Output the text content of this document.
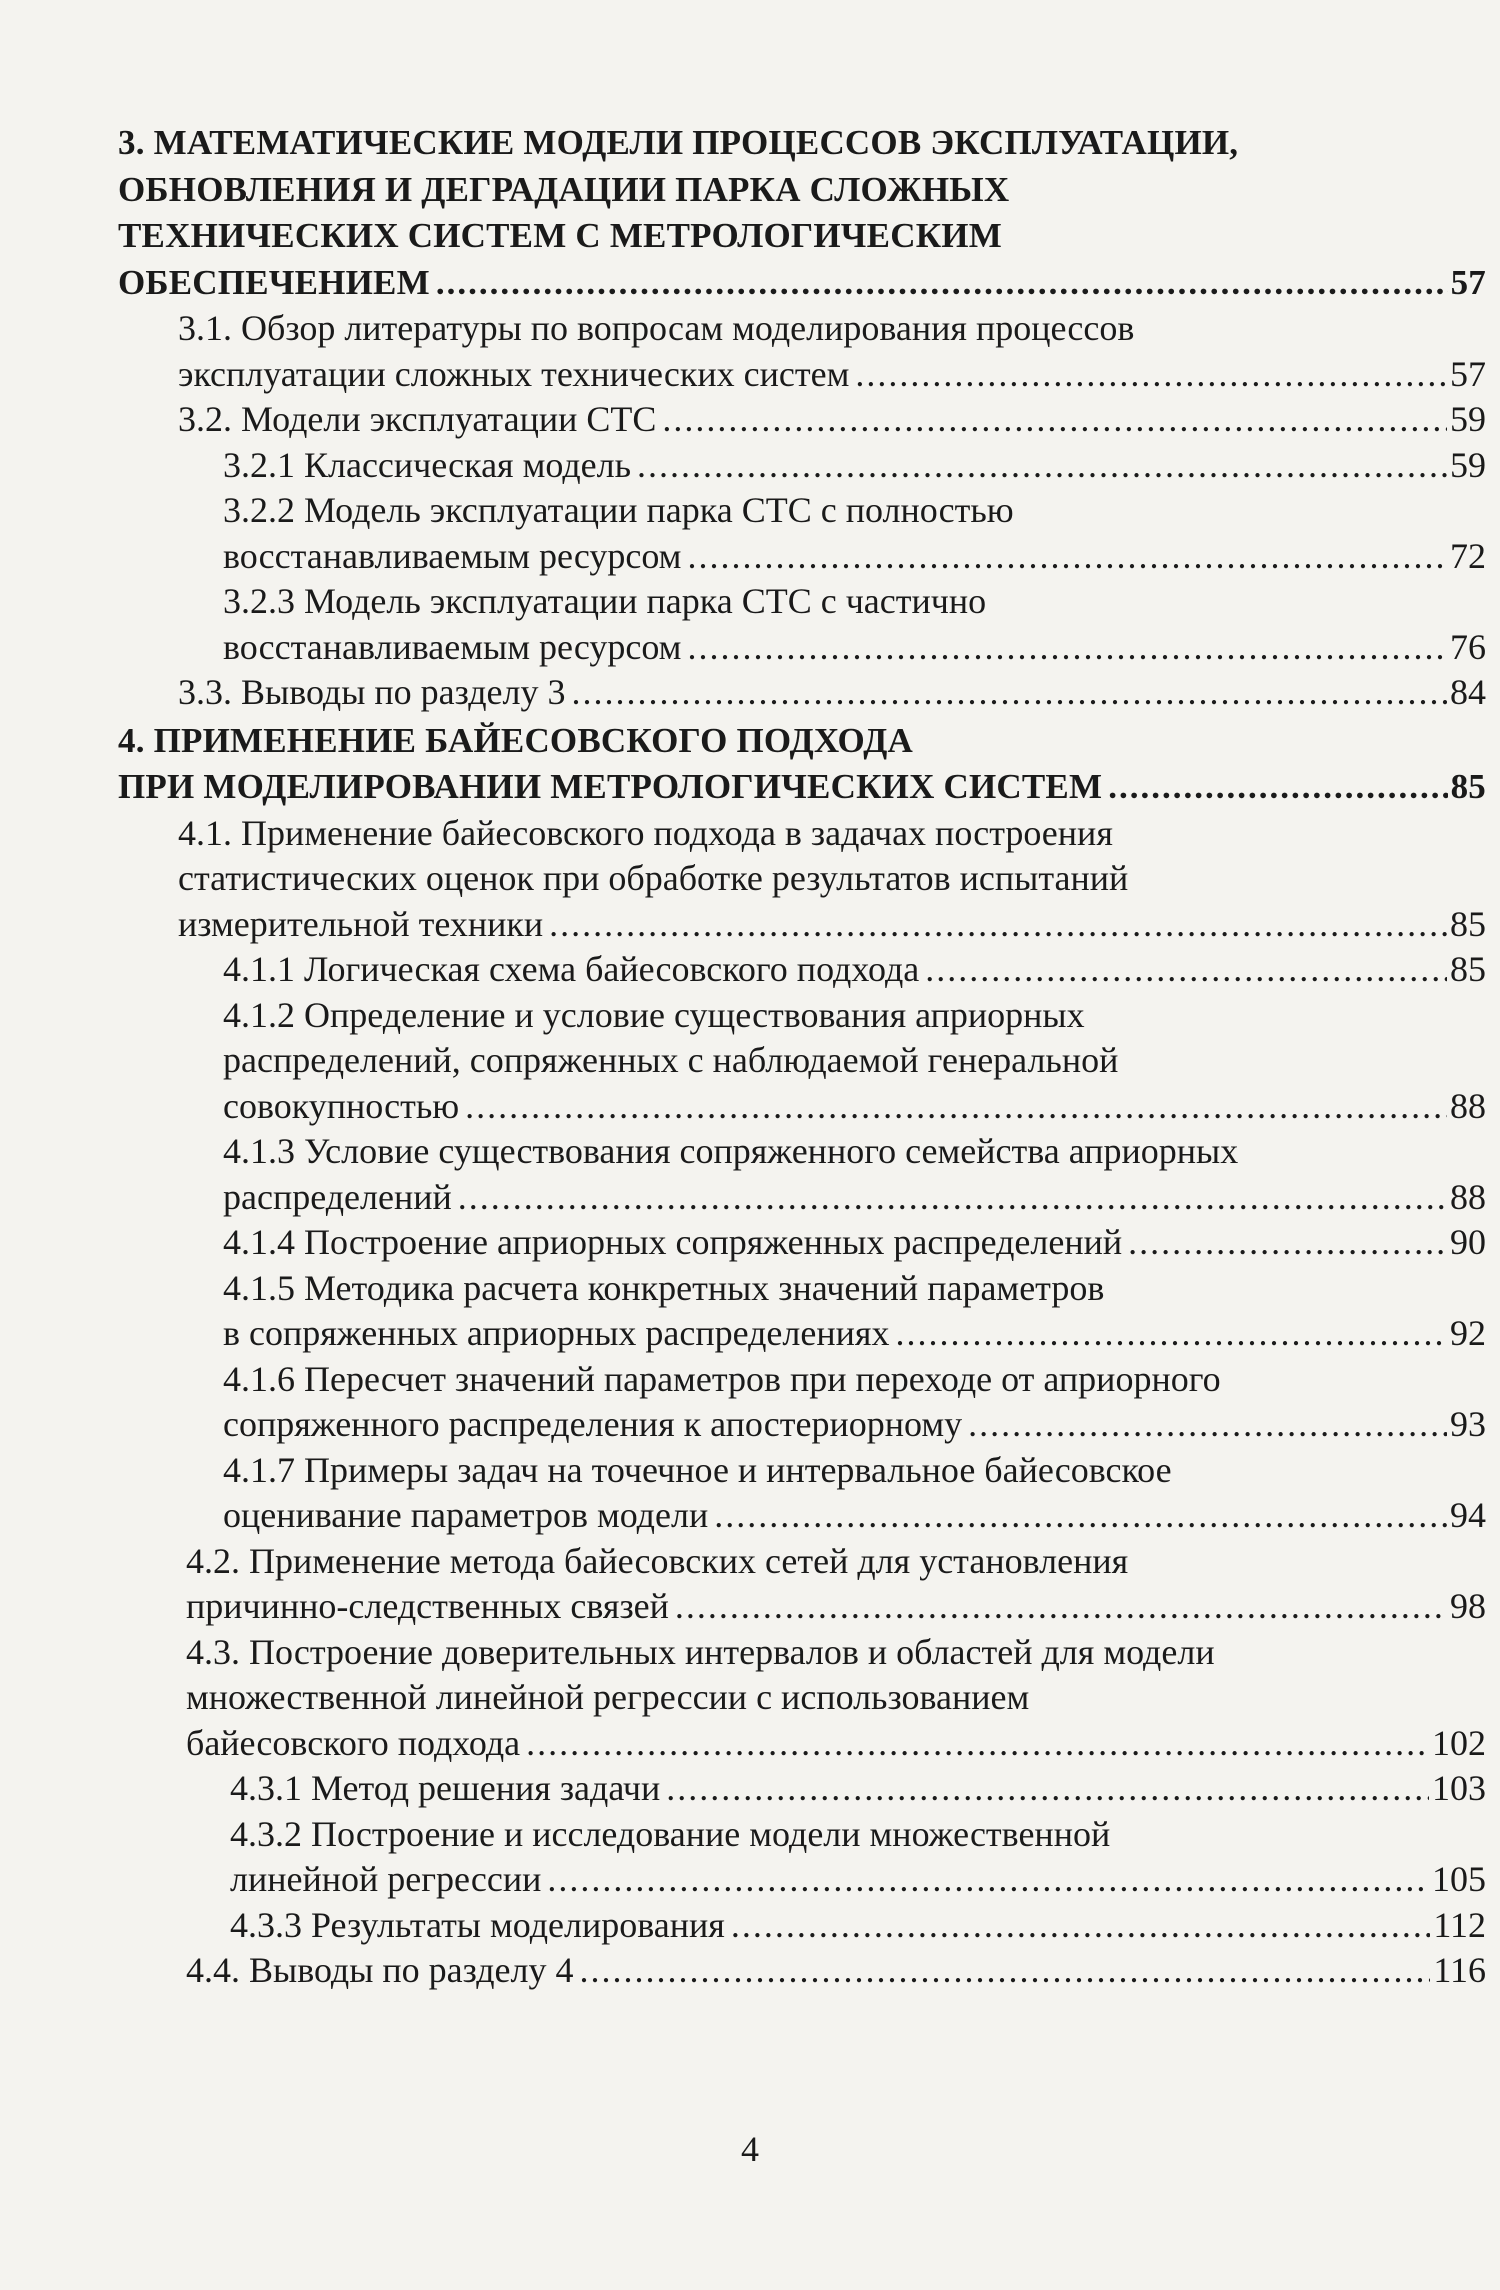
3. МАТЕМАТИЧЕСКИЕ МОДЕЛИ ПРОЦЕССОВ ЭКСПЛУАТАЦИИ,
ОБНОВЛЕНИЯ И ДЕГРАДАЦИИ ПАРКА СЛОЖНЫХ
ТЕХНИЧЕСКИХ СИСТЕМ С МЕТРОЛОГИЧЕСКИМ
ОБЕСПЕЧЕНИЕМ .....	57
3.1. Обзор литературы по вопросам моделирования процессов
эксплуатации сложных технических систем .....	57
3.2. Модели эксплуатации СТС .....	59
3.2.1 Классическая модель .....	59
3.2.2 Модель эксплуатации парка СТС с полностью
восстанавливаемым ресурсом .....	72
3.2.3 Модель эксплуатации парка СТС с частично
восстанавливаемым ресурсом .....	76
3.3. Выводы по разделу 3 .....	84
4. ПРИМЕНЕНИЕ БАЙЕСОВСКОГО ПОДХОДА
ПРИ МОДЕЛИРОВАНИИ МЕТРОЛОГИЧЕСКИХ СИСТЕМ .....	85
4.1. Применение байесовского подхода в задачах построения
статистических оценок при обработке результатов испытаний
измерительной техники .....	85
4.1.1 Логическая схема байесовского подхода .....	85
4.1.2 Определение и условие существования априорных
распределений, сопряженных с наблюдаемой генеральной
совокупностью .....	88
4.1.3 Условие существования сопряженного семейства априорных
распределений .....	88
4.1.4 Построение априорных сопряженных распределений .....	90
4.1.5 Методика расчета конкретных значений параметров
в сопряженных априорных распределениях .....	92
4.1.6 Пересчет значений параметров при переходе от априорного
сопряженного распределения к апостериорному .....	93
4.1.7 Примеры задач на точечное и интервальное байесовское
оценивание параметров модели .....	94
4.2. Применение метода байесовских сетей для установления
причинно-следственных связей .....	98
4.3. Построение доверительных интервалов и областей для модели
множественной линейной регрессии с использованием
байесовского подхода .....	102
4.3.1 Метод решения задачи .....	103
4.3.2 Построение и исследование модели множественной
линейной регрессии .....	105
4.3.3 Результаты моделирования .....	112
4.4. Выводы по разделу 4 .....	116
4
